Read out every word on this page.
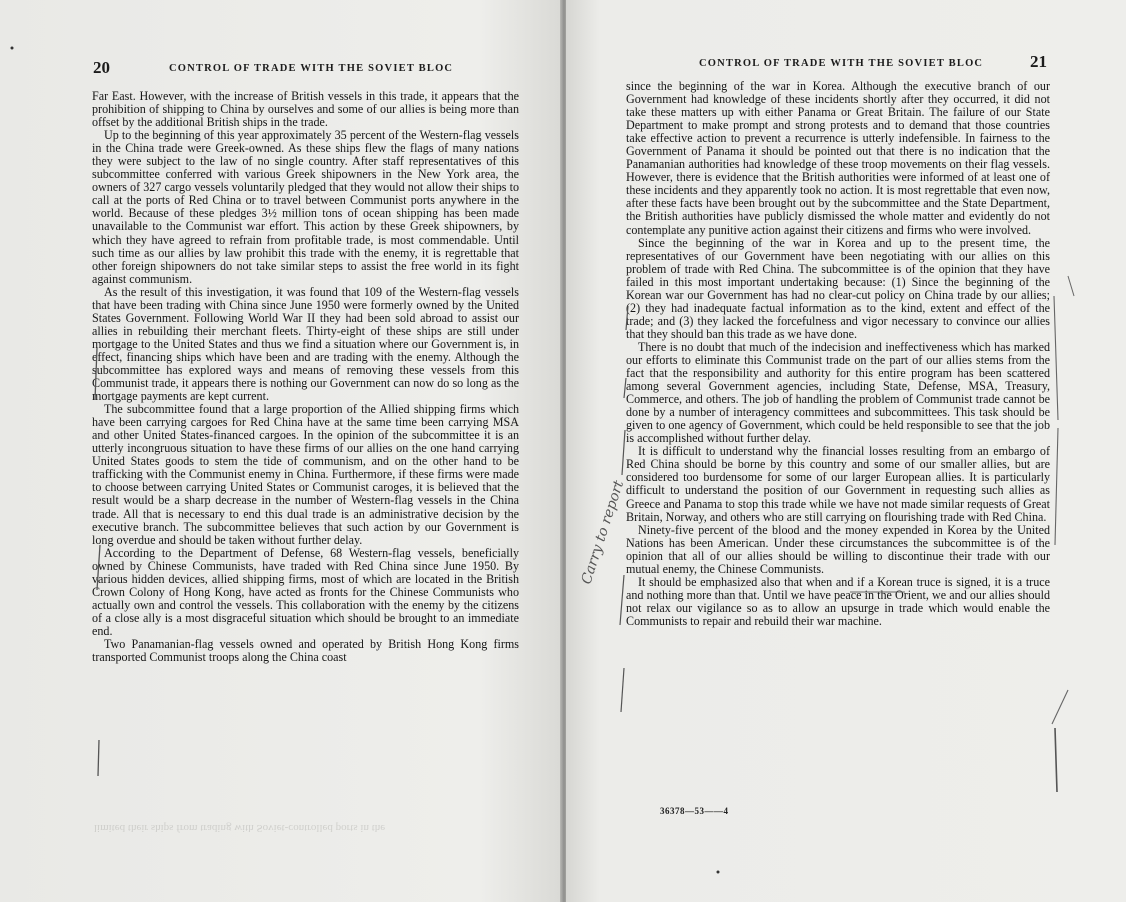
20	CONTROL OF TRADE WITH THE SOVIET BLOC

Far East. However, with the increase of British vessels in this trade, it appears that the prohibition of shipping to China by ourselves and some of our allies is being more than offset by the additional British ships in the trade.

Up to the beginning of this year approximately 35 percent of the Western-flag vessels in the China trade were Greek-owned. As these ships flew the flags of many nations they were subject to the law of no single country. After staff representatives of this subcommittee conferred with various Greek shipowners in the New York area, the owners of 327 cargo vessels voluntarily pledged that they would not allow their ships to call at the ports of Red China or to travel between Communist ports anywhere in the world. Because of these pledges 3½ million tons of ocean shipping has been made unavailable to the Communist war effort. This action by these Greek shipowners, by which they have agreed to refrain from profitable trade, is most commendable. Until such time as our allies by law prohibit this trade with the enemy, it is regrettable that other foreign shipowners do not take similar steps to assist the free world in its fight against communism.

As the result of this investigation, it was found that 109 of the Western-flag vessels that have been trading with China since June 1950 were formerly owned by the United States Government. Following World War II they had been sold abroad to assist our allies in rebuilding their merchant fleets. Thirty-eight of these ships are still under mortgage to the United States and thus we find a situation where our Government is, in effect, financing ships which have been and are trading with the enemy. Although the subcommittee has explored ways and means of removing these vessels from this Communist trade, it appears there is nothing our Government can now do so long as the mortgage payments are kept current.

The subcommittee found that a large proportion of the Allied shipping firms which have been carrying cargoes for Red China have at the same time been carrying MSA and other United States-financed cargoes. In the opinion of the subcommittee it is an utterly incongruous situation to have these firms of our allies on the one hand carrying United States goods to stem the tide of communism, and on the other hand to be trafficking with the Communist enemy in China. Furthermore, if these firms were made to choose between carrying United States or Communist caroges, it is believed that the result would be a sharp decrease in the number of Western-flag vessels in the China trade. All that is necessary to end this dual trade is an administrative decision by the executive branch. The subcommittee believes that such action by our Government is long overdue and should be taken without further delay.

According to the Department of Defense, 68 Western-flag vessels, beneficially owned by Chinese Communists, have traded with Red China since June 1950. By various hidden devices, allied shipping firms, most of which are located in the British Crown Colony of Hong Kong, have acted as fronts for the Chinese Communists who actually own and control the vessels. This collaboration with the enemy by the citizens of a close ally is a most disgraceful situation which should be brought to an immediate end.

Two Panamanian-flag vessels owned and operated by British Hong Kong firms transported Communist troops along the China coast

limited their ships from trading with Soviet-controlled ports in the
CONTROL OF TRADE WITH THE SOVIET BLOC	21

since the beginning of the war in Korea. Although the executive branch of our Government had knowledge of these incidents shortly after they occurred, it did not take these matters up with either Panama or Great Britain. The failure of our State Department to make prompt and strong protests and to demand that those countries take effective action to prevent a recurrence is utterly indefensible. In fairness to the Government of Panama it should be pointed out that there is no indication that the Panamanian authorities had knowledge of these troop movements on their flag vessels. However, there is evidence that the British authorities were informed of at least one of these incidents and they apparently took no action. It is most regrettable that even now, after these facts have been brought out by the subcommittee and the State Department, the British authorities have publicly dismissed the whole matter and evidently do not contemplate any punitive action against their citizens and firms who were involved.

Since the beginning of the war in Korea and up to the present time, the representatives of our Government have been negotiating with our allies on this problem of trade with Red China. The subcommittee is of the opinion that they have failed in this most important undertaking because: (1) Since the beginning of the Korean war our Government has had no clear-cut policy on China trade by our allies; (2) they had inadequate factual information as to the kind, extent and effect of the trade; and (3) they lacked the forcefulness and vigor necessary to convince our allies that they should ban this trade as we have done.

There is no doubt that much of the indecision and ineffectiveness which has marked our efforts to eliminate this Communist trade on the part of our allies stems from the fact that the responsibility and authority for this entire program has been scattered among several Government agencies, including State, Defense, MSA, Treasury, Commerce, and others. The job of handling the problem of Communist trade cannot be done by a number of interagency committees and subcommittees. This task should be given to one agency of Government, which could be held responsible to see that the job is accomplished without further delay.

It is difficult to understand why the financial losses resulting from an embargo of Red China should be borne by this country and some of our smaller allies, but are considered too burdensome for some of our larger European allies. It is particularly difficult to understand the position of our Government in requesting such allies as Greece and Panama to stop this trade while we have not made similar requests of Great Britain, Norway, and others who are still carrying on flourishing trade with Red China.

Ninety-five percent of the blood and the money expended in Korea by the United Nations has been American. Under these circumstances the subcommittee is of the opinion that all of our allies should be willing to discontinue their trade with our mutual enemy, the Chinese Communists.

It should be emphasized also that when and if a Korean truce is signed, it is a truce and nothing more than that. Until we have peace in the Orient, we and our allies should not relax our vigilance so as to allow an upsurge in trade which would enable the Communists to repair and rebuild their war machine.

36378—53——4
Carry to report
